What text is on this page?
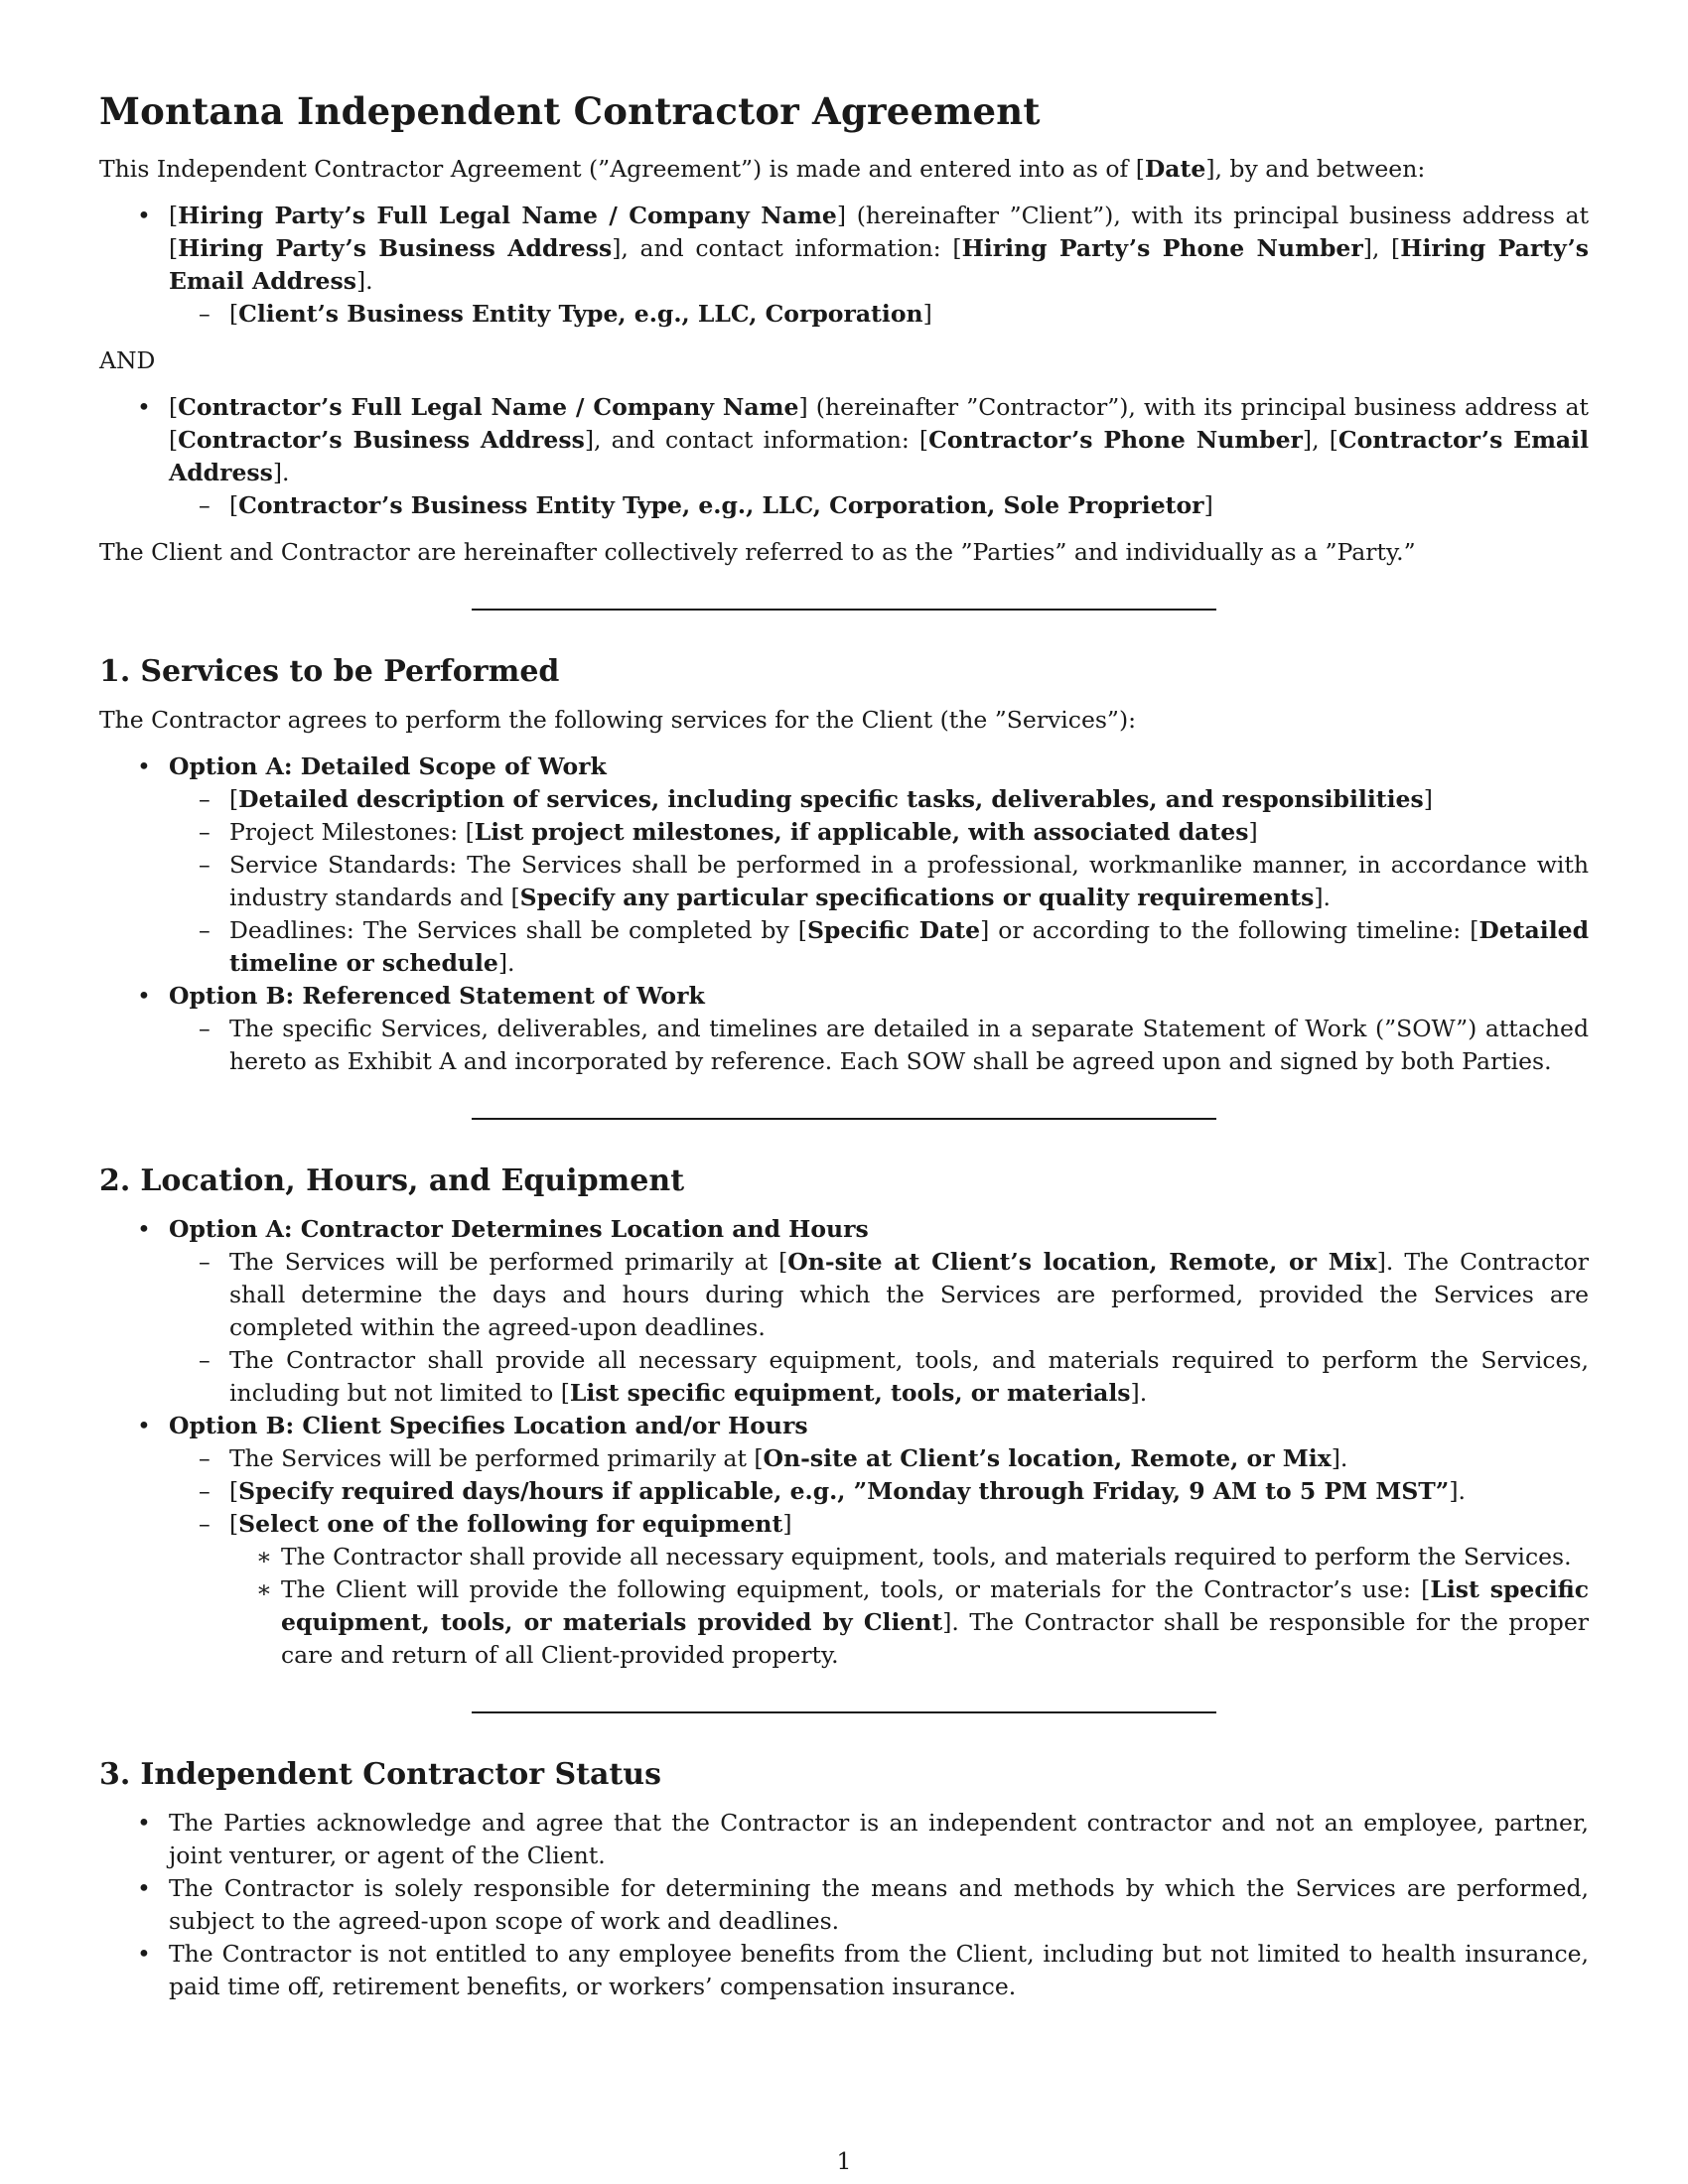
Montana Independent Contractor Agreement

This Independent Contractor Agreement (”Agreement”) is made and entered into as of [Date], by and between:

• [Hiring Party’s Full Legal Name / Company Name] (hereinafter ”Client”), with its principal business address at [Hiring Party’s Business Address], and contact information: [Hiring Party’s Phone Number], [Hiring Party’s Email Address].
– [Client’s Business Entity Type, e.g., LLC, Corporation]

AND

• [Contractor’s Full Legal Name / Company Name] (hereinafter ”Contractor”), with its principal business address at [Contractor’s Business Address], and contact information: [Contractor’s Phone Number], [Contractor’s Email Address].
– [Contractor’s Business Entity Type, e.g., LLC, Corporation, Sole Proprietor]

The Client and Contractor are hereinafter collectively referred to as the ”Parties” and individually as a ”Party.”

1. Services to be Performed

The Contractor agrees to perform the following services for the Client (the ”Services”):

• Option A: Detailed Scope of Work
– [Detailed description of services, including specific tasks, deliverables, and responsibilities]
– Project Milestones: [List project milestones, if applicable, with associated dates]
– Service Standards: The Services shall be performed in a professional, workmanlike manner, in accordance with industry standards and [Specify any particular specifications or quality requirements].
– Deadlines: The Services shall be completed by [Specific Date] or according to the following timeline: [Detailed timeline or schedule].
• Option B: Referenced Statement of Work
– The specific Services, deliverables, and timelines are detailed in a separate Statement of Work (”SOW”) attached hereto as Exhibit A and incorporated by reference. Each SOW shall be agreed upon and signed by both Parties.
2. Location, Hours, and Equipment
• Option A: Contractor Determines Location and Hours
– The Services will be performed primarily at [On-site at Client’s location, Remote, or Mix]. The Contractor shall determine the days and hours during which the Services are performed, provided the Services are completed within the agreed-upon deadlines.
– The Contractor shall provide all necessary equipment, tools, and materials required to perform the Services, including but not limited to [List specific equipment, tools, or materials].
• Option B: Client Specifies Location and/or Hours
– The Services will be performed primarily at [On-site at Client’s location, Remote, or Mix].
– [Specify required days/hours if applicable, e.g., ”Monday through Friday, 9 AM to 5 PM MST”].
– [Select one of the following for equipment]
∗ The Contractor shall provide all necessary equipment, tools, and materials required to perform the Services.
∗ The Client will provide the following equipment, tools, or materials for the Contractor’s use: [List specific equipment, tools, or materials provided by Client]. The Contractor shall be responsible for the proper care and return of all Client-provided property.
3. Independent Contractor Status
• The Parties acknowledge and agree that the Contractor is an independent contractor and not an employee, partner, joint venturer, or agent of the Client.
• The Contractor is solely responsible for determining the means and methods by which the Services are performed, subject to the agreed-upon scope of work and deadlines.
• The Contractor is not entitled to any employee benefits from the Client, including but not limited to health insurance, paid time off, retirement benefits, or workers’ compensation insurance.
1
